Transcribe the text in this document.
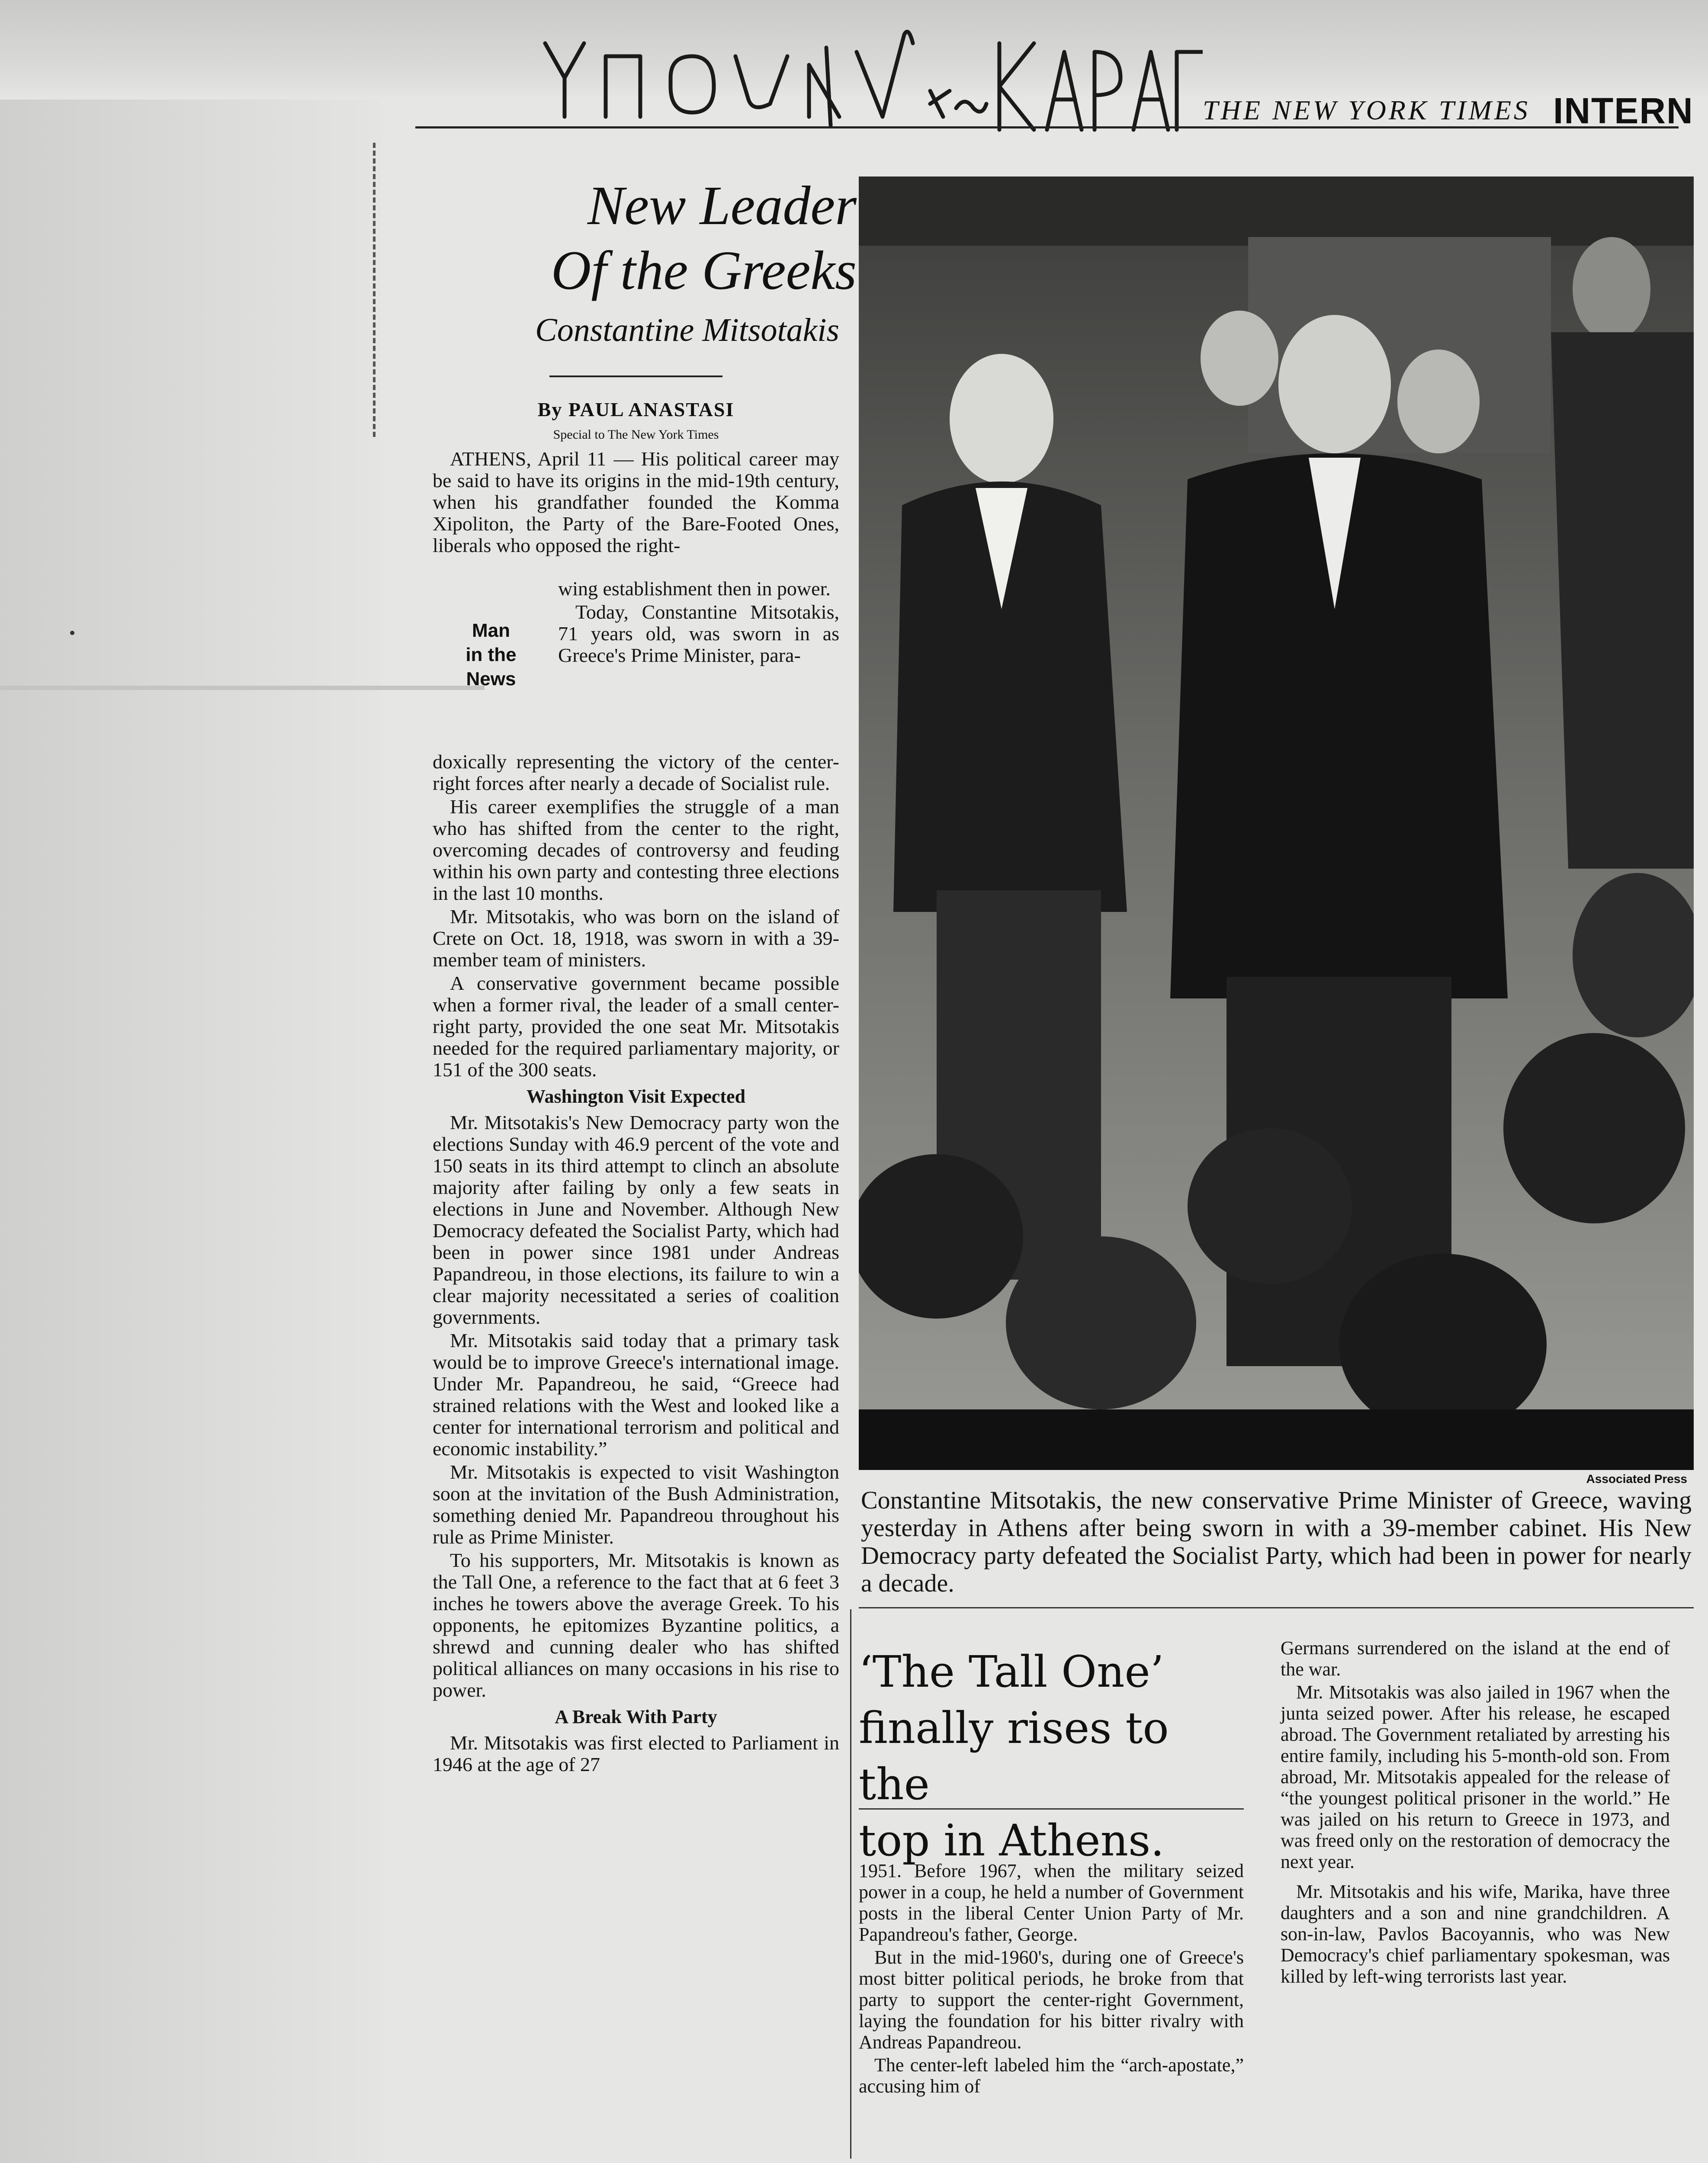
THE NEW YORK TIMES INTERN
New Leader
Of the Greeks
Constantine Mitsotakis
By PAUL ANASTASI
Special to The New York Times

ATHENS, April 11 — His political career may be said to have its origins in the mid-19th century, when his grandfather founded the Komma Xipoliton, the Party of the Bare-Footed Ones, liberals who opposed the right-

Man
in the
News

wing establishment then in power.

Today, Constantine Mitsotakis, 71 years old, was sworn in as Greece's Prime Minister, para-

doxically representing the victory of the center-right forces after nearly a decade of Socialist rule.

His career exemplifies the struggle of a man who has shifted from the center to the right, overcoming decades of controversy and feuding within his own party and contesting three elections in the last 10 months.

Mr. Mitsotakis, who was born on the island of Crete on Oct. 18, 1918, was sworn in with a 39-member team of ministers.

A conservative government became possible when a former rival, the leader of a small center-right party, provided the one seat Mr. Mitsotakis needed for the required parliamentary majority, or 151 of the 300 seats.

Washington Visit Expected

Mr. Mitsotakis's New Democracy party won the elections Sunday with 46.9 percent of the vote and 150 seats in its third attempt to clinch an absolute majority after failing by only a few seats in elections in June and November. Although New Democracy defeated the Socialist Party, which had been in power since 1981 under Andreas Papandreou, in those elections, its failure to win a clear majority necessitated a series of coalition governments.

Mr. Mitsotakis said today that a primary task would be to improve Greece's international image. Under Mr. Papandreou, he said, “Greece had strained relations with the West and looked like a center for international terrorism and political and economic instability.”

Mr. Mitsotakis is expected to visit Washington soon at the invitation of the Bush Administration, something denied Mr. Papandreou throughout his rule as Prime Minister.

To his supporters, Mr. Mitsotakis is known as the Tall One, a reference to the fact that at 6 feet 3 inches he towers above the average Greek. To his opponents, he epitomizes Byzantine politics, a shrewd and cunning dealer who has shifted political alliances on many occasions in his rise to power.

A Break With Party

Mr. Mitsotakis was first elected to Parliament in 1946 at the age of 27

Associated Press
Constantine Mitsotakis, the new conservative Prime Minister of Greece, waving yesterday in Athens after being sworn in with a 39-member cabinet. His New Democracy party defeated the Socialist Party, which had been in power for nearly a decade.
‘The Tall One’
finally rises to the
top in Athens.

1951. Before 1967, when the military seized power in a coup, he held a number of Government posts in the liberal Center Union Party of Mr. Papandreou's father, George.

But in the mid-1960's, during one of Greece's most bitter political periods, he broke from that party to support the center-right Government, laying the foundation for his bitter rivalry with Andreas Papandreou.

The center-left labeled him the “arch-apostate,” accusing him of

Germans surrendered on the island at the end of the war.

Mr. Mitsotakis was also jailed in 1967 when the junta seized power. After his release, he escaped abroad. The Government retaliated by arresting his entire family, including his 5-month-old son. From abroad, Mr. Mitsotakis appealed for the release of “the youngest political prisoner in the world.” He was jailed on his return to Greece in 1973, and was freed only on the restoration of democracy the next year.

Mr. Mitsotakis and his wife, Marika, have three daughters and a son and nine grandchildren. A son-in-law, Pavlos Bacoyannis, who was New Democracy's chief parliamentary spokesman, was killed by left-wing terrorists last year.
